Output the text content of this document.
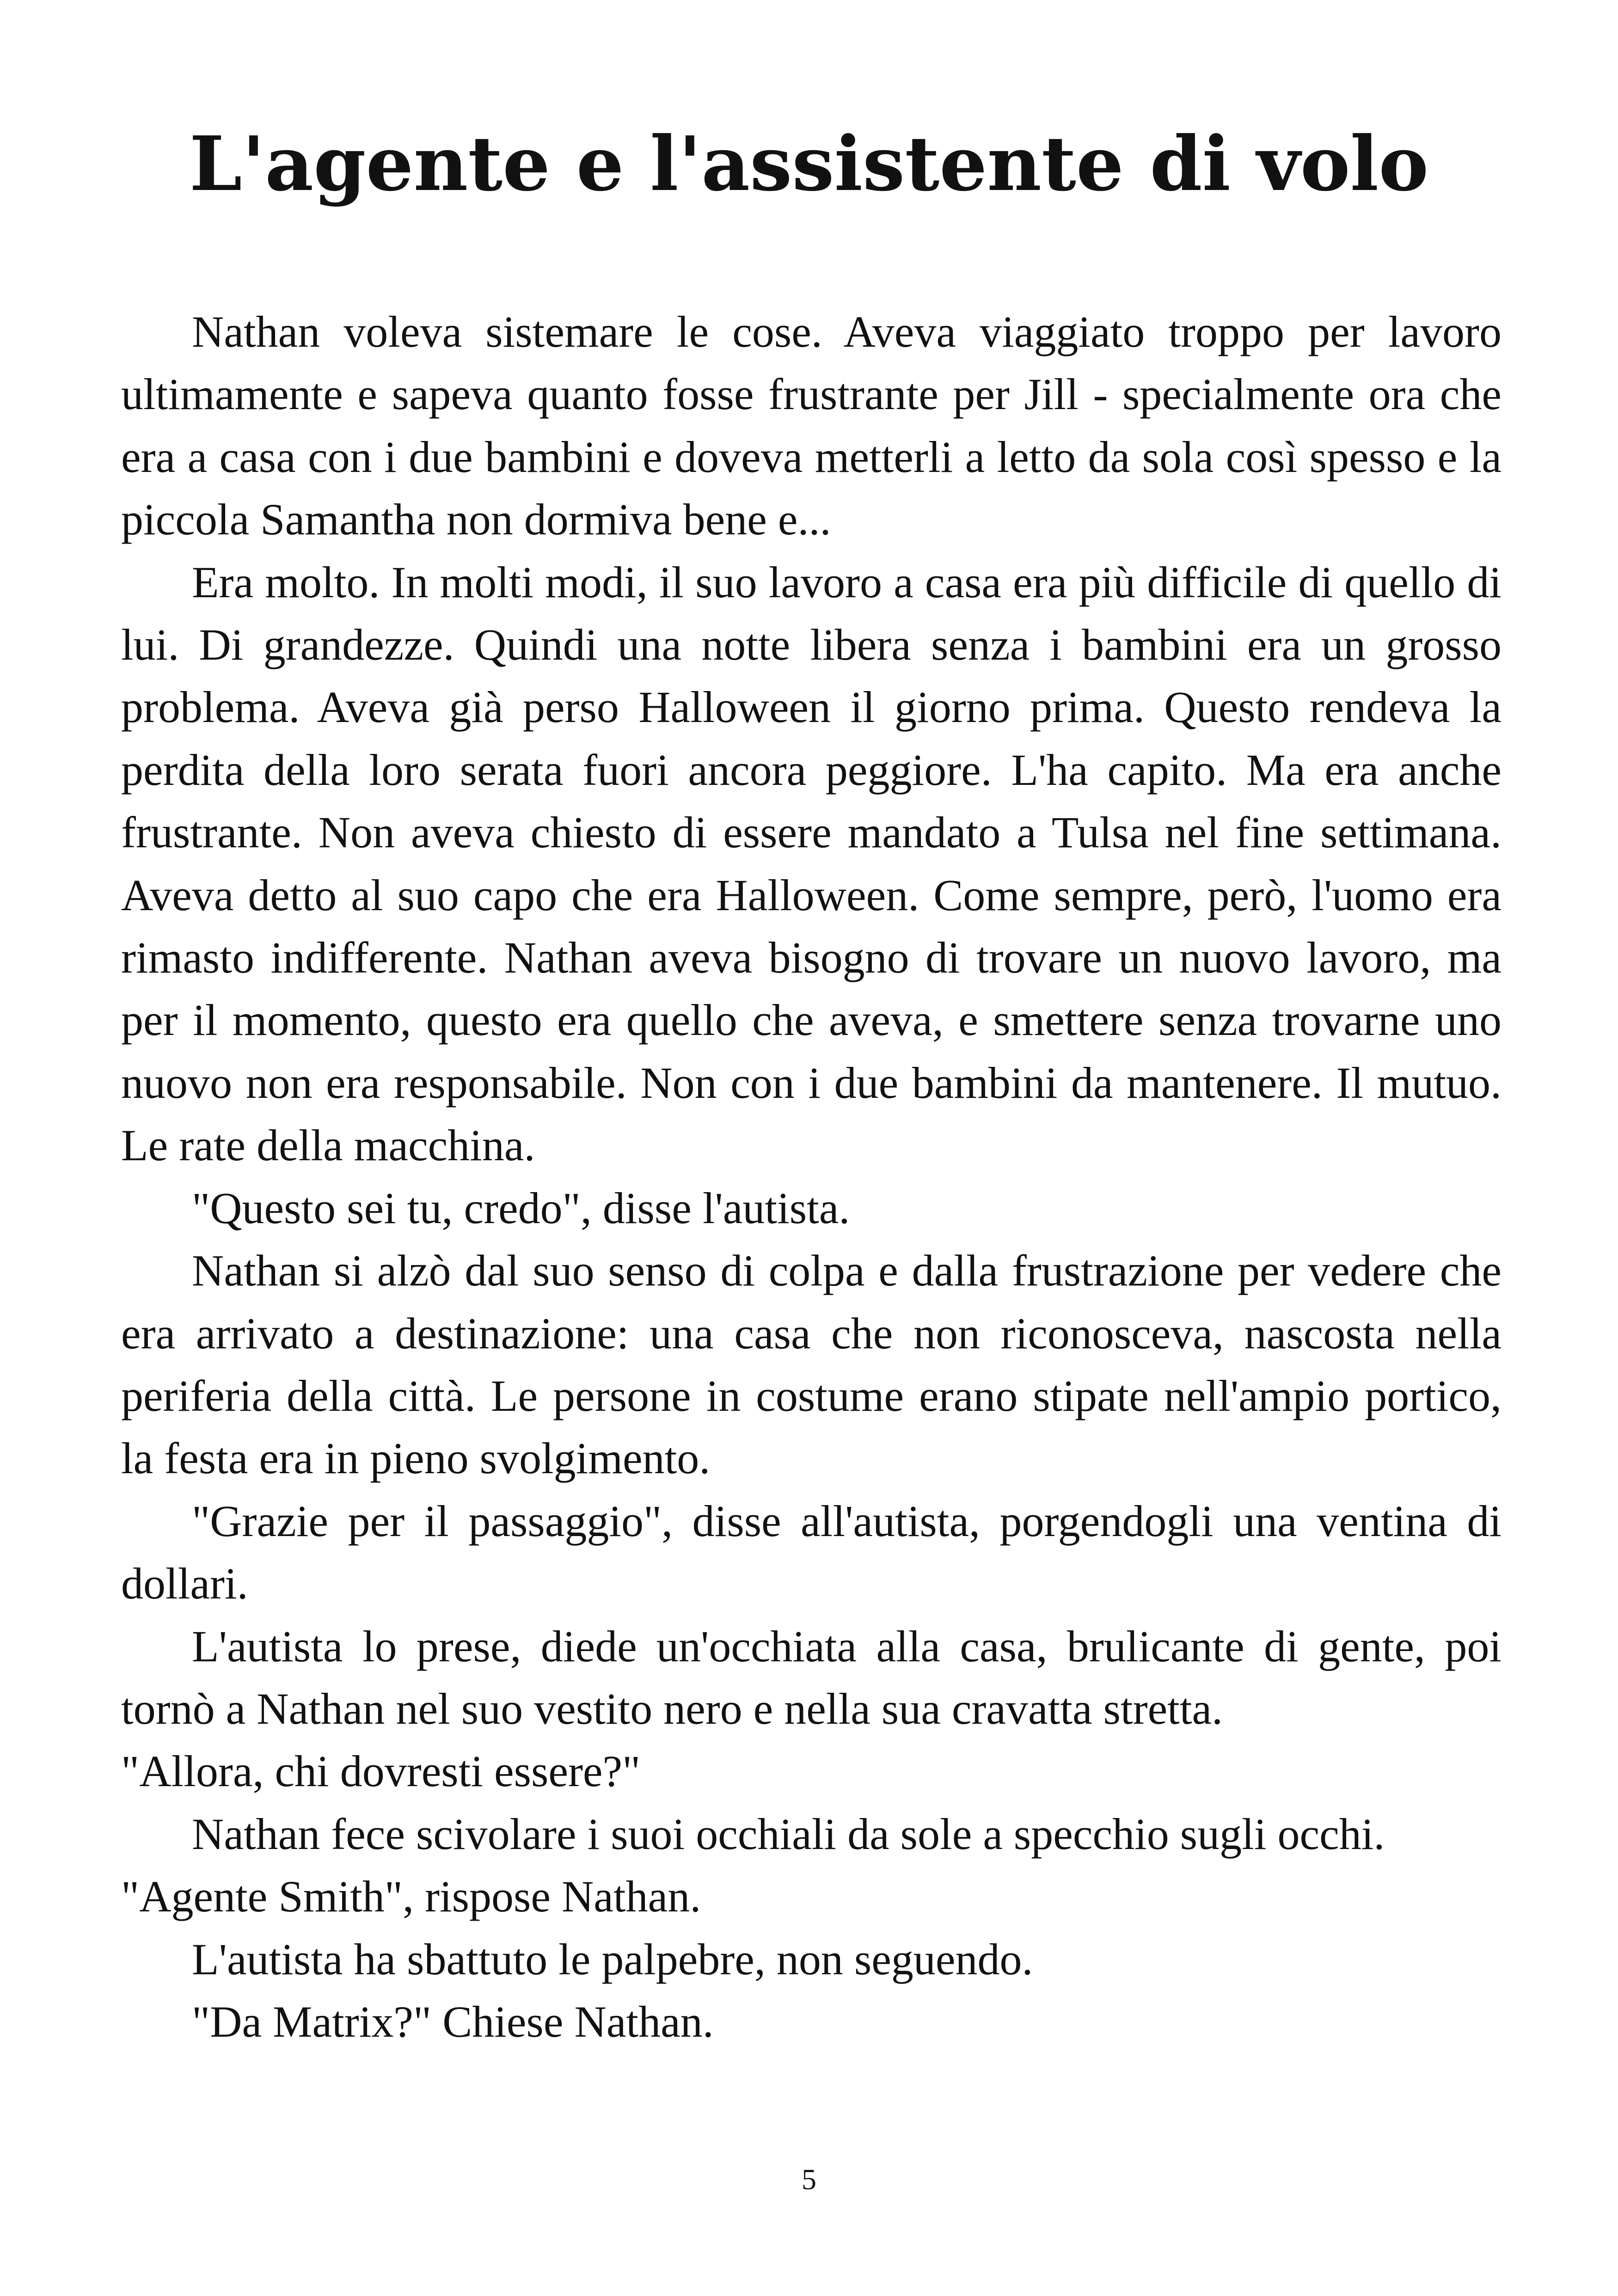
L'agente e l'assistente di volo

Nathan voleva sistemare le cose. Aveva viaggiato troppo per lavoro ultimamente e sapeva quanto fosse frustrante per Jill - specialmente ora che era a casa con i due bambini e doveva metterli a letto da sola così spesso e la piccola Samantha non dormiva bene e...

Era molto. In molti modi, il suo lavoro a casa era più difficile di quello di lui. Di grandezze. Quindi una notte libera senza i bambini era un grosso problema. Aveva già perso Halloween il giorno prima. Questo rendeva la perdita della loro serata fuori ancora peggiore. L'ha capito. Ma era anche frustrante. Non aveva chiesto di essere mandato a Tulsa nel fine settimana. Aveva detto al suo capo che era Halloween. Come sempre, però, l'uomo era rimasto indifferente. Nathan aveva bisogno di trovare un nuovo lavoro, ma per il momento, questo era quello che aveva, e smettere senza trovarne uno nuovo non era responsabile. Non con i due bambini da mantenere. Il mutuo. Le rate della macchina.

"Questo sei tu, credo", disse l'autista.

Nathan si alzò dal suo senso di colpa e dalla frustrazione per vedere che era arrivato a destinazione: una casa che non riconosceva, nascosta nella periferia della città. Le persone in costume erano stipate nell'ampio portico, la festa era in pieno svolgimento.

"Grazie per il passaggio", disse all'autista, porgendogli una ventina di dollari.

L'autista lo prese, diede un'occhiata alla casa, brulicante di gente, poi tornò a Nathan nel suo vestito nero e nella sua cravatta stretta.
"Allora, chi dovresti essere?"

Nathan fece scivolare i suoi occhiali da sole a specchio sugli occhi.
"Agente Smith", rispose Nathan.

L'autista ha sbattuto le palpebre, non seguendo.

"Da Matrix?" Chiese Nathan.

5
